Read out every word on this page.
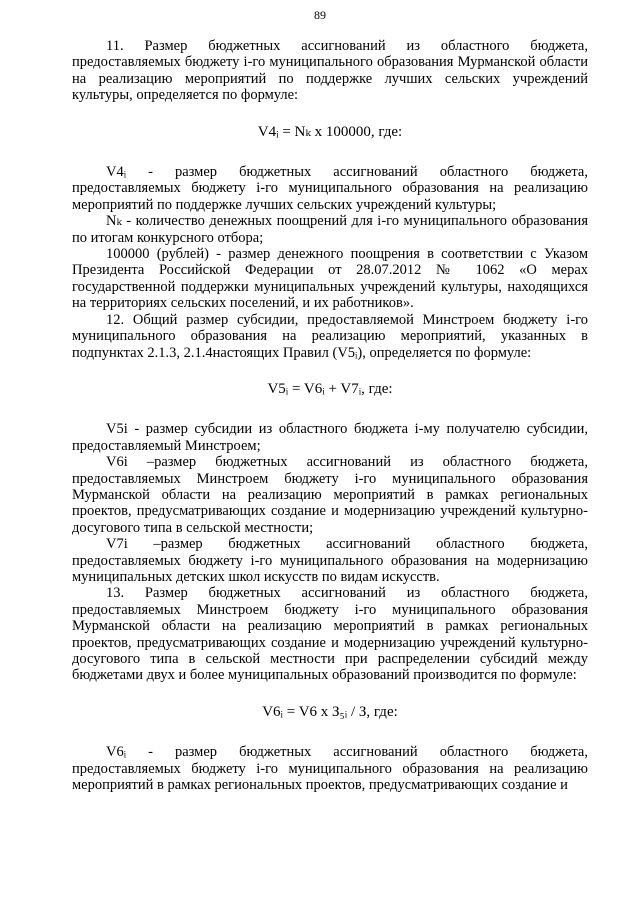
89

11. Размер бюджетных ассигнований из областного бюджета, предоставляемых бюджету i-го муниципального образования Мурманской области на реализацию мероприятий по поддержке лучших сельских учреждений культуры, определяется по формуле:

V4ᵢ = Nₖ x 100000, где:

V4ᵢ - размер бюджетных ассигнований областного бюджета, предоставляемых бюджету i-го муниципального образования на реализацию мероприятий по поддержке лучших сельских учреждений культуры;

Nₖ - количество денежных поощрений для i-го муниципального образования по итогам конкурсного отбора;

100000 (рублей) - размер денежного поощрения в соответствии с Указом Президента Российской Федерации от 28.07.2012 № 1062 «О мерах государственной поддержки муниципальных учреждений культуры, находящихся на территориях сельских поселений, и их работников».

12. Общий размер субсидии, предоставляемой Минстроем бюджету i-го муниципального образования на реализацию мероприятий, указанных в подпунктах 2.1.3, 2.1.4настоящих Правил (V5ᵢ), определяется по формуле:

V5ᵢ = V6ᵢ + V7ᵢ, где:

V5i - размер субсидии из областного бюджета i-му получателю субсидии, предоставляемый Минстроем;

V6i –размер бюджетных ассигнований из областного бюджета, предоставляемых Минстроем бюджету i-го муниципального образования Мурманской области на реализацию мероприятий в рамках региональных проектов, предусматривающих создание и модернизацию учреждений культурно-досугового типа в сельской местности;

V7i –размер бюджетных ассигнований областного бюджета, предоставляемых бюджету i-го муниципального образования на модернизацию муниципальных детских школ искусств по видам искусств.

13. Размер бюджетных ассигнований из областного бюджета, предоставляемых Минстроем бюджету i-го муниципального образования Мурманской области на реализацию мероприятий в рамках региональных проектов, предусматривающих создание и модернизацию учреждений культурно-досугового типа в сельской местности при распределении субсидий между бюджетами двух и более муниципальных образований производится по формуле:

V6ᵢ = V6 x З₅ᵢ / З, где:

V6ᵢ - размер бюджетных ассигнований областного бюджета, предоставляемых бюджету i-го муниципального образования на реализацию мероприятий в рамках региональных проектов, предусматривающих создание и
